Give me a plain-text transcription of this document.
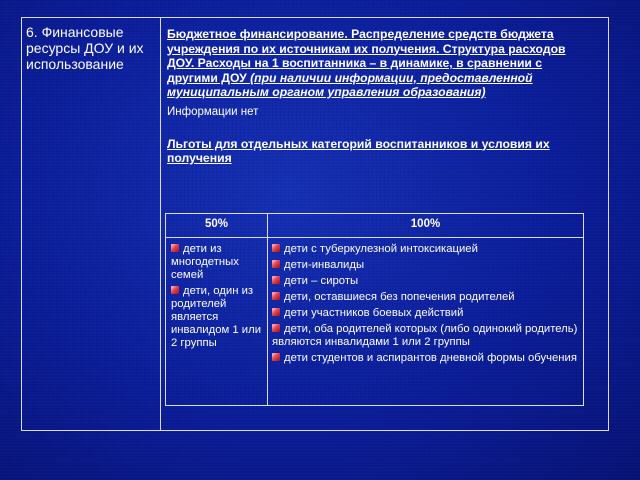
6. Финансовые ресурсы ДОУ и их использование

Бюджетное финансирование. Распределение средств бюджета учреждения по их источникам их получения. Структура расходов ДОУ. Расходы на 1 воспитанника – в динамике, в сравнении с другими ДОУ (при наличии информации, предоставленной муниципальным органом управления образования)

Информации нет
Льготы для отдельных категорий воспитанников и условия их получения
50%	100%
дети из многодетных семей
дети, один из родителей является инвалидом 1 или 2 группы
дети с туберкулезной интоксикацией
дети-инвалиды
дети – сироты
дети, оставшиеся без попечения родителей
дети участников боевых действий
дети, оба родителей которых (либо одинокий родитель) являются инвалидами 1 или 2 группы
дети студентов и аспирантов дневной формы обучения
